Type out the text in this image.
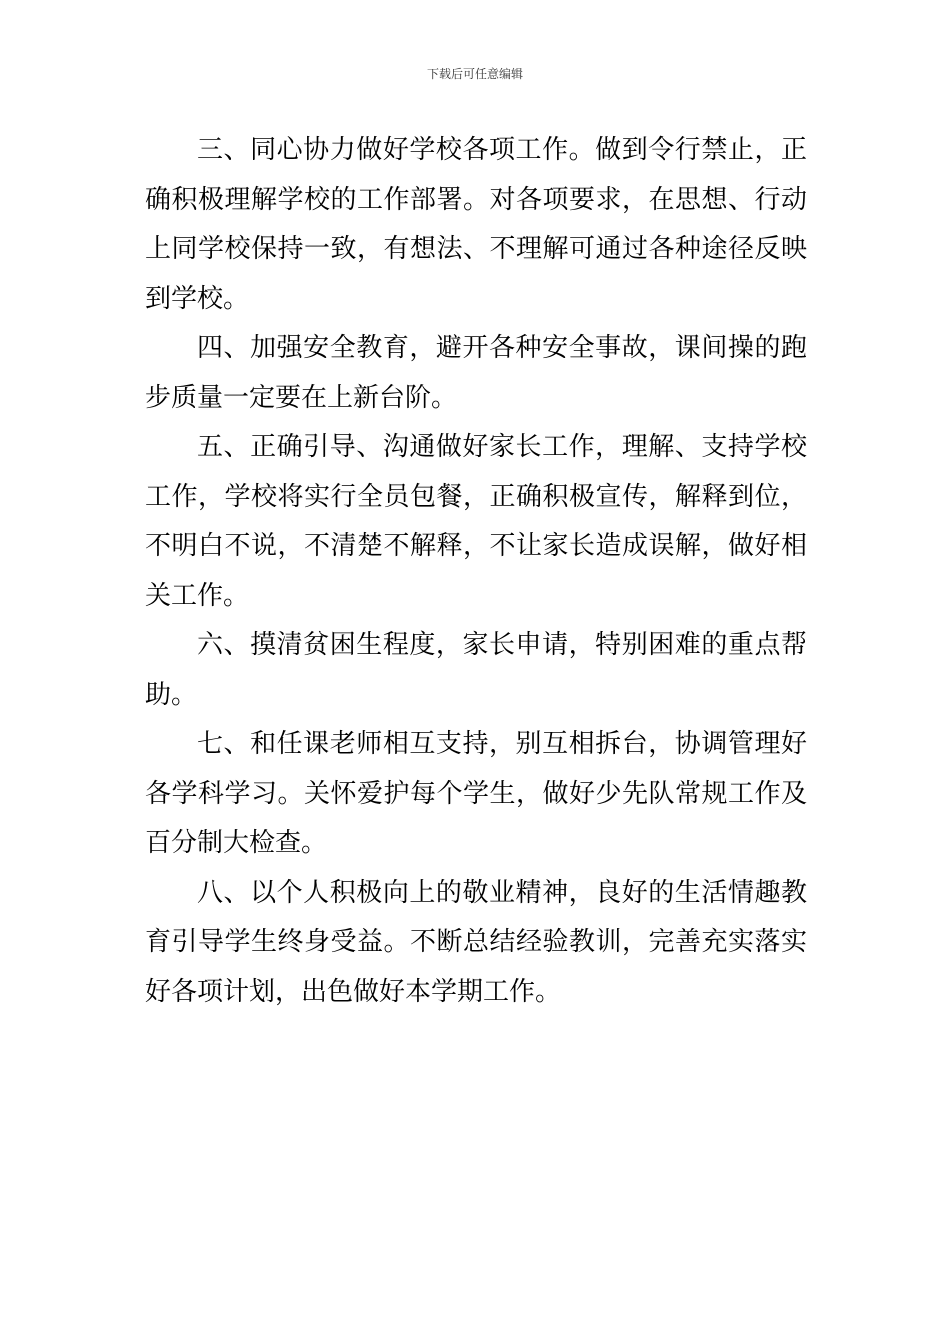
下载后可任意编辑

三、同心协力做好学校各项工作。做到令行禁止，正确积极理解学校的工作部署。对各项要求，在思想、行动上同学校保持一致，有想法、不理解可通过各种途径反映到学校。

四、加强安全教育，避开各种安全事故，课间操的跑步质量一定要在上新台阶。

五、正确引导、沟通做好家长工作，理解、支持学校工作，学校将实行全员包餐，正确积极宣传，解释到位，不明白不说，不清楚不解释，不让家长造成误解，做好相关工作。

六、摸清贫困生程度，家长申请，特别困难的重点帮助。

七、和任课老师相互支持，别互相拆台，协调管理好各学科学习。关怀爱护每个学生，做好少先队常规工作及百分制大检查。

八、以个人积极向上的敬业精神，良好的生活情趣教育引导学生终身受益。不断总结经验教训，完善充实落实好各项计划，出色做好本学期工作。
